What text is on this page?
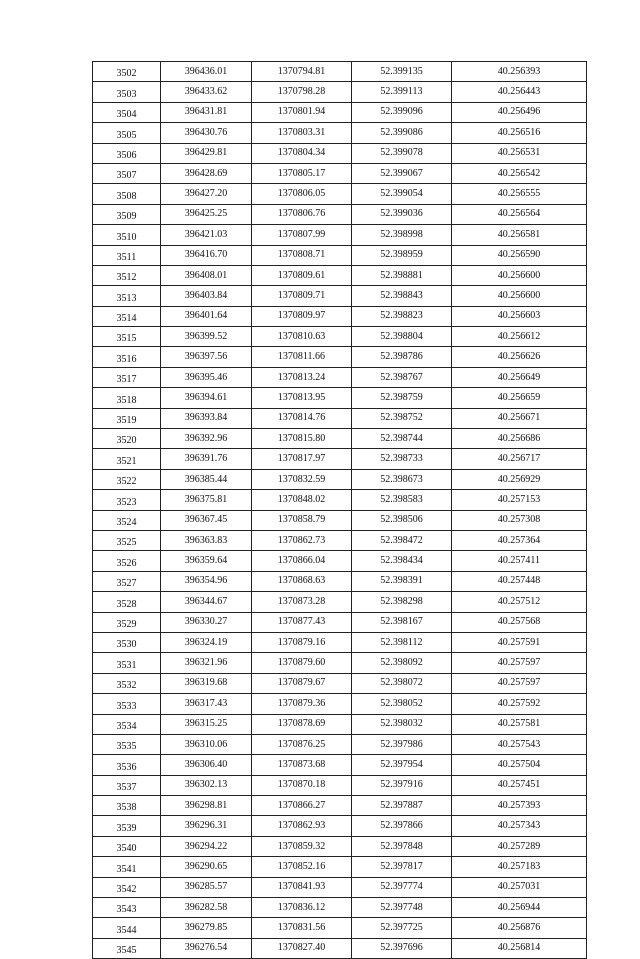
3502	396436.01	1370794.81	52.399135	40.256393
3503	396433.62	1370798.28	52.399113	40.256443
3504	396431.81	1370801.94	52.399096	40.256496
3505	396430.76	1370803.31	52.399086	40.256516
3506	396429.81	1370804.34	52.399078	40.256531
3507	396428.69	1370805.17	52.399067	40.256542
3508	396427.20	1370806.05	52.399054	40.256555
3509	396425.25	1370806.76	52.399036	40.256564
3510	396421.03	1370807.99	52.398998	40.256581
3511	396416.70	1370808.71	52.398959	40.256590
3512	396408.01	1370809.61	52.398881	40.256600
3513	396403.84	1370809.71	52.398843	40.256600
3514	396401.64	1370809.97	52.398823	40.256603
3515	396399.52	1370810.63	52.398804	40.256612
3516	396397.56	1370811.66	52.398786	40.256626
3517	396395.46	1370813.24	52.398767	40.256649
3518	396394.61	1370813.95	52.398759	40.256659
3519	396393.84	1370814.76	52.398752	40.256671
3520	396392.96	1370815.80	52.398744	40.256686
3521	396391.76	1370817.97	52.398733	40.256717
3522	396385.44	1370832.59	52.398673	40.256929
3523	396375.81	1370848.02	52.398583	40.257153
3524	396367.45	1370858.79	52.398506	40.257308
3525	396363.83	1370862.73	52.398472	40.257364
3526	396359.64	1370866.04	52.398434	40.257411
3527	396354.96	1370868.63	52.398391	40.257448
3528	396344.67	1370873.28	52.398298	40.257512
3529	396330.27	1370877.43	52.398167	40.257568
3530	396324.19	1370879.16	52.398112	40.257591
3531	396321.96	1370879.60	52.398092	40.257597
3532	396319.68	1370879.67	52.398072	40.257597
3533	396317.43	1370879.36	52.398052	40.257592
3534	396315.25	1370878.69	52.398032	40.257581
3535	396310.06	1370876.25	52.397986	40.257543
3536	396306.40	1370873.68	52.397954	40.257504
3537	396302.13	1370870.18	52.397916	40.257451
3538	396298.81	1370866.27	52.397887	40.257393
3539	396296.31	1370862.93	52.397866	40.257343
3540	396294.22	1370859.32	52.397848	40.257289
3541	396290.65	1370852.16	52.397817	40.257183
3542	396285.57	1370841.93	52.397774	40.257031
3543	396282.58	1370836.12	52.397748	40.256944
3544	396279.85	1370831.56	52.397725	40.256876
3545	396276.54	1370827.40	52.397696	40.256814
